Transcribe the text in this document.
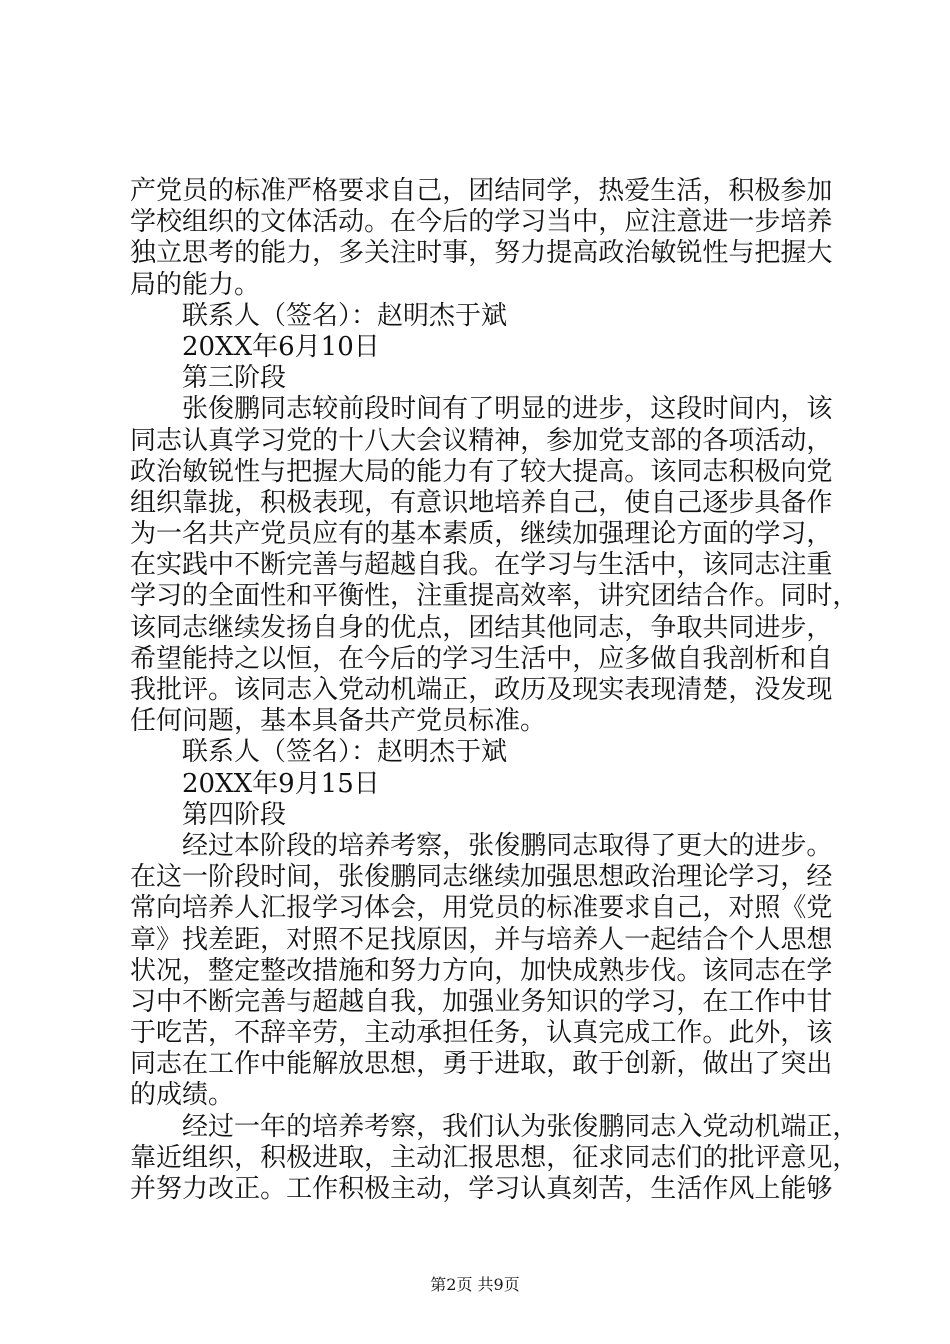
产 党 员 的 标 准 严 格 要 求 自 己 ， 团 结 同 学 ， 热 爱 生 活 ， 积 极 参 加
学 校 组 织 的 文 体 活 动 。 在 今 后 的 学 习 当 中 ， 应 注 意 进 一 步 培 养
独 立 思 考 的 能 力 ， 多 关 注 时 事 ， 努 力 提 高 政 治 敏 锐 性 与 把 握 大
局的能力。
联系人（签名）：赵明杰于斌
20XX年6月10日
第三阶段
张 俊 鹏 同 志 较 前 段 时 间 有 了 明 显 的 进 步 ， 这 段 时 间 内 ， 该
同 志 认 真 学 习 党 的 十 八 大 会 议 精 神 ， 参 加 党 支 部 的 各 项 活 动 ，
政 治 敏 锐 性 与 把 握 大 局 的 能 力 有 了 较 大 提 高 。 该 同 志 积 极 向 党
组 织 靠 拢 ， 积 极 表 现 ， 有 意 识 地 培 养 自 己 ， 使 自 己 逐 步 具 备 作
为 一 名 共 产 党 员 应 有 的 基 本 素 质 ， 继 续 加 强 理 论 方 面 的 学 习 ，
在 实 践 中 不 断 完 善 与 超 越 自 我 。 在 学 习 与 生 活 中 ， 该 同 志 注 重
学 习 的 全 面 性 和 平 衡 性 ， 注 重 提 高 效 率 ， 讲 究 团 结 合 作 。 同 时 ，
该 同 志 继 续 发 扬 自 身 的 优 点 ， 团 结 其 他 同 志 ， 争 取 共 同 进 步 ，
希 望 能 持 之 以 恒 ， 在 今 后 的 学 习 生 活 中 ， 应 多 做 自 我 剖 析 和 自
我 批 评 。 该 同 志 入 党 动 机 端 正 ， 政 历 及 现 实 表 现 清 楚 ， 没 发 现
任何问题，基本具备共产党员标准。
联系人（签名）：赵明杰于斌
20XX年9月15日
第四阶段
经 过 本 阶 段 的 培 养 考 察 ， 张 俊 鹏 同 志 取 得 了 更 大 的 进 步 。
在 这 一 阶 段 时 间 ， 张 俊 鹏 同 志 继 续 加 强 思 想 政 治 理 论 学 习 ， 经
常 向 培 养 人 汇 报 学 习 体 会 ， 用 党 员 的 标 准 要 求 自 己 ， 对 照 《 党
章 》 找 差 距 ， 对 照 不 足 找 原 因 ， 并 与 培 养 人 一 起 结 合 个 人 思 想
状 况 ， 整 定 整 改 措 施 和 努 力 方 向 ， 加 快 成 熟 步 伐 。 该 同 志 在 学
习 中 不 断 完 善 与 超 越 自 我 ， 加 强 业 务 知 识 的 学 习 ， 在 工 作 中 甘
于 吃 苦 ， 不 辞 辛 劳 ， 主 动 承 担 任 务 ， 认 真 完 成 工 作 。 此 外 ， 该
同 志 在 工 作 中 能 解 放 思 想 ， 勇 于 进 取 ， 敢 于 创 新 ， 做 出 了 突 出
的成绩。
经 过 一 年 的 培 养 考 察 ， 我 们 认 为 张 俊 鹏 同 志 入 党 动 机 端 正 ，
靠 近 组 织 ， 积 极 进 取 ， 主 动 汇 报 思 想 ， 征 求 同 志 们 的 批 评 意 见 ，
并 努 力 改 正 。 工 作 积 极 主 动 ， 学 习 认 真 刻 苦 ， 生 活 作 风 上 能 够
第2页 共9页
